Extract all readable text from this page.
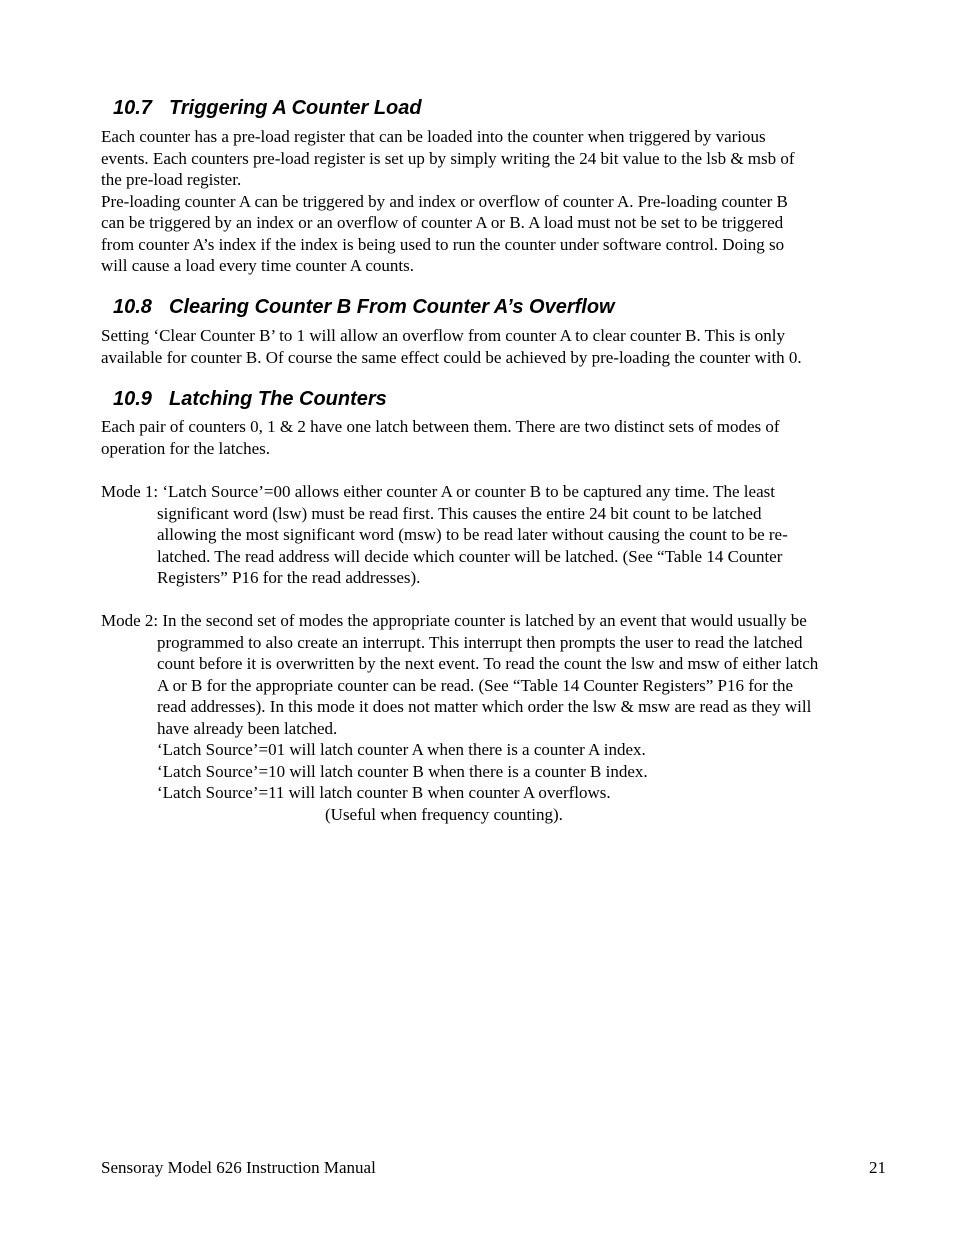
10.7 Triggering A Counter Load
Each counter has a pre-load register that can be loaded into the counter when triggered by various
events. Each counters pre-load register is set up by simply writing the 24 bit value to the lsb & msb of
the pre-load register.
Pre-loading counter A can be triggered by and index or overflow of counter A. Pre-loading counter B
can be triggered by an index or an overflow of counter A or B. A load must not be set to be triggered
from counter A’s index if the index is being used to run the counter under software control. Doing so
will cause a load every time counter A counts.
10.8 Clearing Counter B From Counter A’s Overflow
Setting ‘Clear Counter B’ to 1 will allow an overflow from counter A to clear counter B. This is only
available for counter B. Of course the same effect could be achieved by pre-loading the counter with 0.
10.9 Latching The Counters
Each pair of counters 0, 1 & 2 have one latch between them. There are two distinct sets of modes of
operation for the latches.
Mode 1: ‘Latch Source’=00 allows either counter A or counter B to be captured any time. The least
significant word (lsw) must be read first. This causes the entire 24 bit count to be latched
allowing the most significant word (msw) to be read later without causing the count to be re-
latched. The read address will decide which counter will be latched. (See “Table 14 Counter
Registers” P16 for the read addresses).
Mode 2: In the second set of modes the appropriate counter is latched by an event that would usually be
programmed to also create an interrupt. This interrupt then prompts the user to read the latched
count before it is overwritten by the next event. To read the count the lsw and msw of either latch
A or B for the appropriate counter can be read. (See “Table 14 Counter Registers” P16 for the
read addresses). In this mode it does not matter which order the lsw & msw are read as they will
have already been latched.
‘Latch Source’=01 will latch counter A when there is a counter A index.
‘Latch Source’=10 will latch counter B when there is a counter B index.
‘Latch Source’=11 will latch counter B when counter A overflows.
(Useful when frequency counting).
Sensoray Model 626 Instruction Manual	21
